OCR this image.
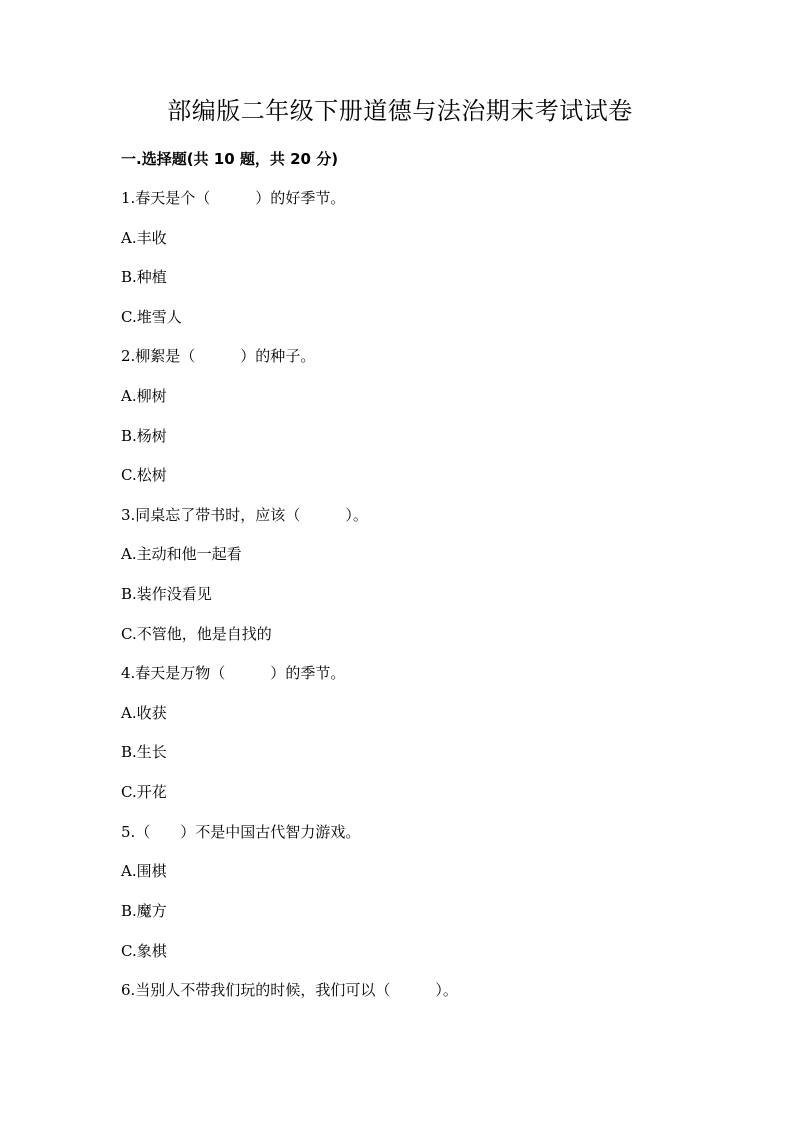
部编版二年级下册道德与法治期末考试试卷
一.选择题(共 10 题，共 20 分)
1.春天是个（　　　）的好季节。
A.丰收
B.种植
C.堆雪人
2.柳絮是（　　　）的种子。
A.柳树
B.杨树
C.松树
3.同桌忘了带书时，应该（　　　）。
A.主动和他一起看
B.装作没看见
C.不管他，他是自找的
4.春天是万物（　　　）的季节。
A.收获
B.生长
C.开花
5.（　　）不是中国古代智力游戏。
A.围棋
B.魔方
C.象棋
6.当别人不带我们玩的时候，我们可以（　　　）。
